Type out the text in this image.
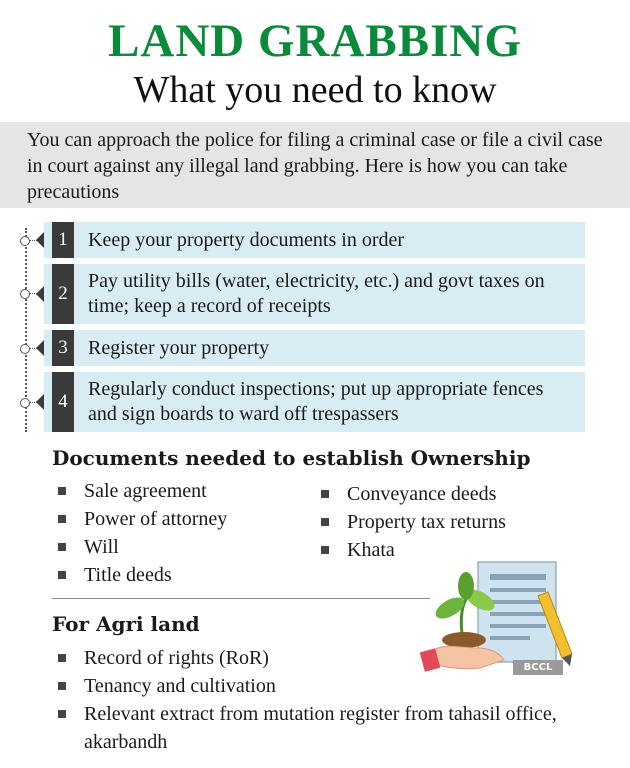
LAND GRABBING
What you need to know
You can approach the police for filing a criminal case or file a civil case in court against any illegal land grabbing. Here is how you can take precautions
1	Keep your property documents in order
2
Pay utility bills (water, electricity, etc.) and govt taxes on time; keep a record of receipts
3	Register your property
4
Regularly conduct inspections; put up appropriate fences and sign boards to ward off trespassers
Documents needed to establish Ownership
Sale agreement
Power of attorney
Will
Title deeds
Conveyance deeds
Property tax returns
Khata
For Agri land
Record of rights (RoR)
Tenancy and cultivation
Relevant extract from mutation register from tahasil office, akarbandh
BCCL
